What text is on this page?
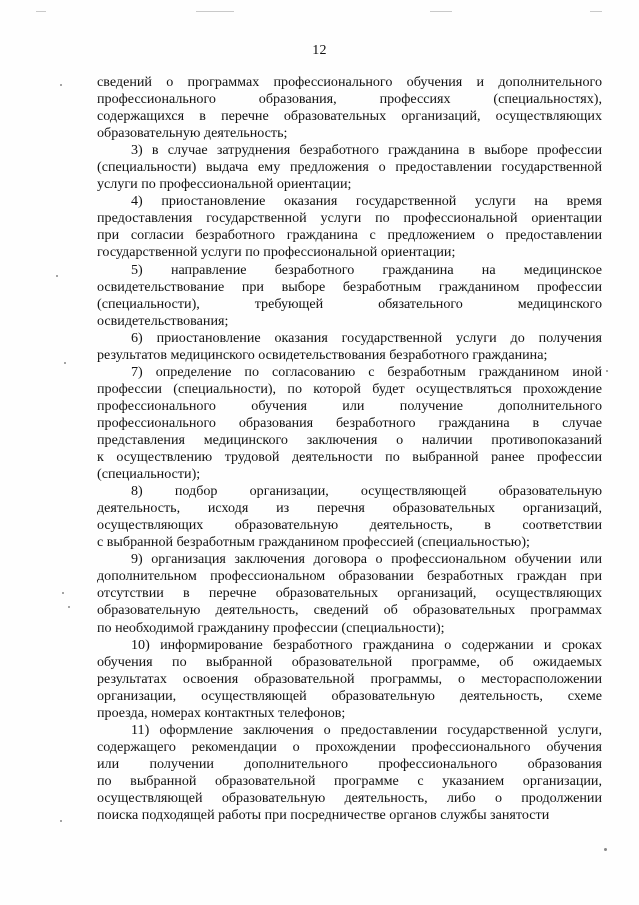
12
сведений о программах профессионального обучения и дополнительного
профессионального образования, профессиях (специальностях),
содержащихся в перечне образовательных организаций, осуществляющих
образовательную деятельность;
3) в случае затруднения безработного гражданина в выборе профессии
(специальности) выдача ему предложения о предоставлении государственной
услуги по профессиональной ориентации;
4) приостановление оказания государственной услуги на время
предоставления государственной услуги по профессиональной ориентации
при согласии безработного гражданина с предложением о предоставлении
государственной услуги по профессиональной ориентации;
5) направление безработного гражданина на медицинское
освидетельствование при выборе безработным гражданином профессии
(специальности), требующей обязательного медицинского
освидетельствования;
6) приостановление оказания государственной услуги до получения
результатов медицинского освидетельствования безработного гражданина;
7) определение по согласованию с безработным гражданином иной
профессии (специальности), по которой будет осуществляться прохождение
профессионального обучения или получение дополнительного
профессионального образования безработного гражданина в случае
представления медицинского заключения о наличии противопоказаний
к осуществлению трудовой деятельности по выбранной ранее профессии
(специальности);
8) подбор организации, осуществляющей образовательную
деятельность, исходя из перечня образовательных организаций,
осуществляющих образовательную деятельность, в соответствии
с выбранной безработным гражданином профессией (специальностью);
9) организация заключения договора о профессиональном обучении или
дополнительном профессиональном образовании безработных граждан при
отсутствии в перечне образовательных организаций, осуществляющих
образовательную деятельность, сведений об образовательных программах
по необходимой гражданину профессии (специальности);
10) информирование безработного гражданина о содержании и сроках
обучения по выбранной образовательной программе, об ожидаемых
результатах освоения образовательной программы, о месторасположении
организации, осуществляющей образовательную деятельность, схеме
проезда, номерах контактных телефонов;
11) оформление заключения о предоставлении государственной услуги,
содержащего рекомендации о прохождении профессионального обучения
или получении дополнительного профессионального образования
по выбранной образовательной программе с указанием организации,
осуществляющей образовательную деятельность, либо о продолжении
поиска подходящей работы при посредничестве органов службы занятости
